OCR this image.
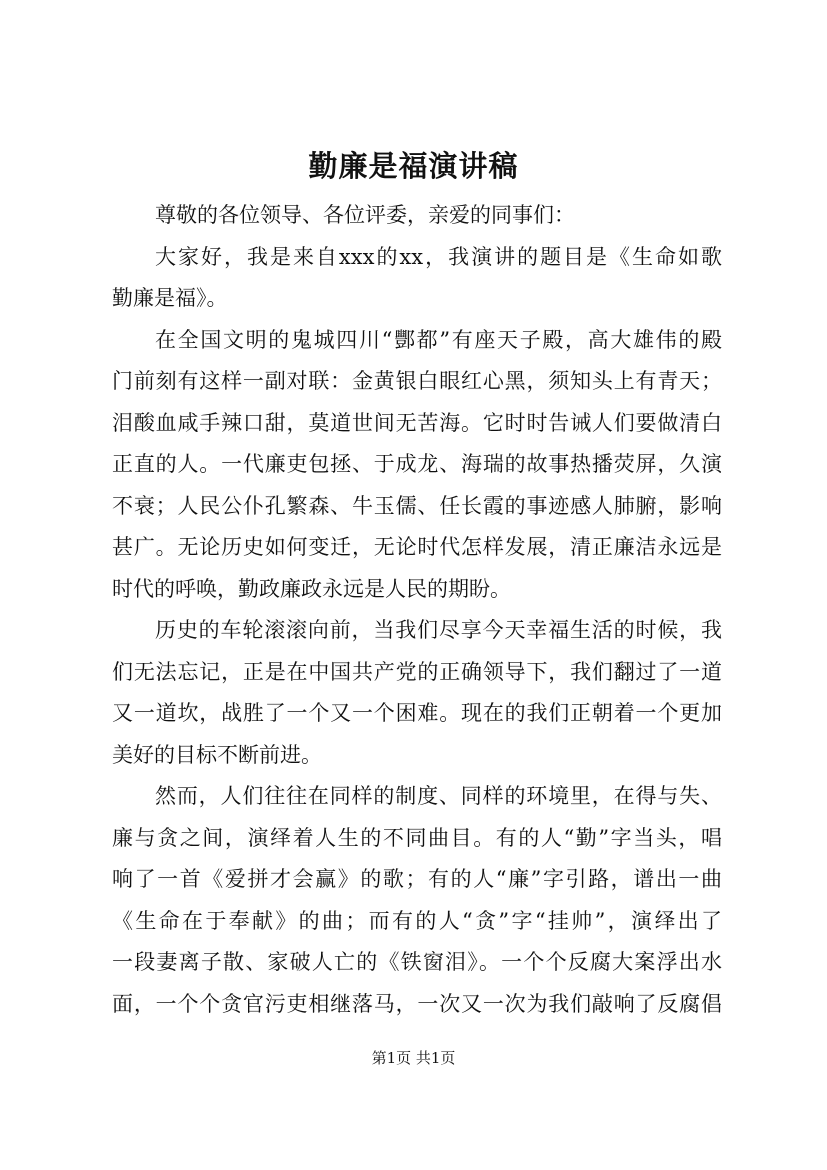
勤廉是福演讲稿
尊敬的各位领导、各位评委，亲爱的同事们：
大家好，我是来自xxx的xx，我演讲的题目是《生命如歌
勤廉是福》。
在全国文明的鬼城四川“酆都”有座天子殿，高大雄伟的殿
门前刻有这样一副对联：金黄银白眼红心黑，须知头上有青天；
泪酸血咸手辣口甜，莫道世间无苦海。它时时告诫人们要做清白
正直的人。一代廉吏包拯、于成龙、海瑞的故事热播荧屏，久演
不衰；人民公仆孔繁森、牛玉儒、任长霞的事迹感人肺腑，影响
甚广。无论历史如何变迁，无论时代怎样发展，清正廉洁永远是
时代的呼唤，勤政廉政永远是人民的期盼。
历史的车轮滚滚向前，当我们尽享今天幸福生活的时候，我
们无法忘记，正是在中国共产党的正确领导下，我们翻过了一道
又一道坎，战胜了一个又一个困难。现在的我们正朝着一个更加
美好的目标不断前进。
然而，人们往往在同样的制度、同样的环境里，在得与失、
廉与贪之间，演绎着人生的不同曲目。有的人“勤”字当头，唱
响了一首《爱拼才会赢》的歌；有的人“廉”字引路，谱出一曲
《生命在于奉献》的曲；而有的人“贪”字“挂帅”，演绎出了
一段妻离子散、家破人亡的《铁窗泪》。一个个反腐大案浮出水
面，一个个贪官污吏相继落马，一次又一次为我们敲响了反腐倡
第1页 共1页
